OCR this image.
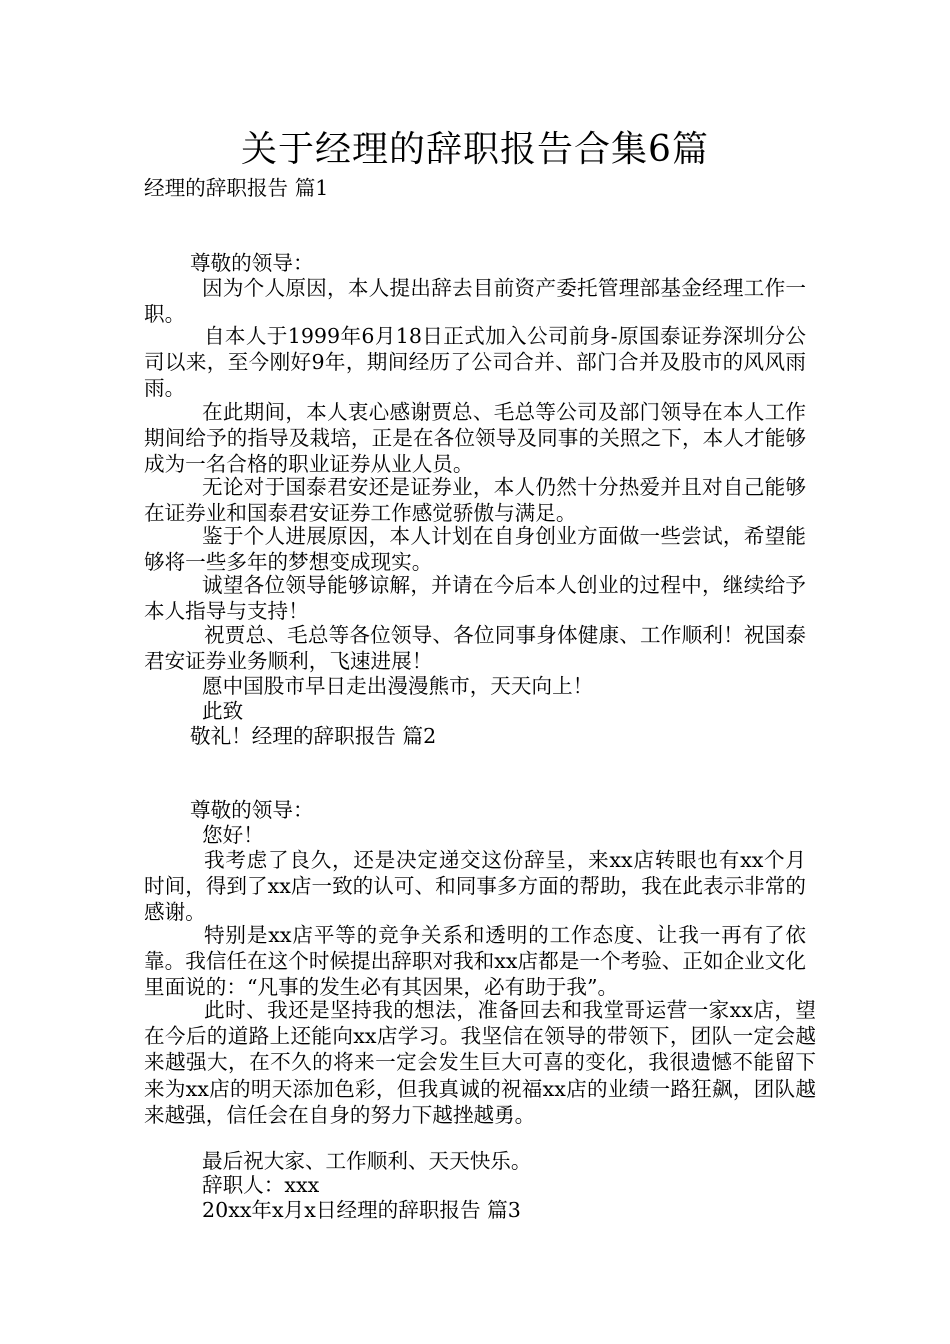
关于经理的辞职报告合集6篇
经理的辞职报告 篇1
尊敬的领导：
因为个人原因，本人提出辞去目前资产委托管理部基金经理工作一职。
自本人于1999年6月18日正式加入公司前身-原国泰证券深圳分公司以来，至今刚好9年，期间经历了公司合并、部门合并及股市的风风雨雨。
在此期间，本人衷心感谢贾总、毛总等公司及部门领导在本人工作期间给予的指导及栽培，正是在各位领导及同事的关照之下，本人才能够成为一名合格的职业证券从业人员。
无论对于国泰君安还是证券业，本人仍然十分热爱并且对自己能够在证券业和国泰君安证券工作感觉骄傲与满足。
鉴于个人进展原因，本人计划在自身创业方面做一些尝试，希望能够将一些多年的梦想变成现实。
诚望各位领导能够谅解，并请在今后本人创业的过程中，继续给予本人指导与支持！
祝贾总、毛总等各位领导、各位同事身体健康、工作顺利！祝国泰君安证券业务顺利，飞速进展！
愿中国股市早日走出漫漫熊市，天天向上！
此致
敬礼！经理的辞职报告 篇2
尊敬的领导：
您好！
我考虑了良久，还是决定递交这份辞呈，来xx店转眼也有xx个月时间，得到了xx店一致的认可、和同事多方面的帮助，我在此表示非常的感谢。
特别是xx店平等的竞争关系和透明的工作态度、让我一再有了依靠。我信任在这个时候提出辞职对我和xx店都是一个考验、正如企业文化里面说的：“凡事的发生必有其因果，必有助于我”。
此时、我还是坚持我的想法，准备回去和我堂哥运营一家xx店，望在今后的道路上还能向xx店学习。我坚信在领导的带领下，团队一定会越来越强大，在不久的将来一定会发生巨大可喜的变化，我很遗憾不能留下来为xx店的明天添加色彩，但我真诚的祝福xx店的业绩一路狂飙，团队越来越强，信任会在自身的努力下越挫越勇。
最后祝大家、工作顺利、天天快乐。
辞职人：xxx
20xx年x月x日经理的辞职报告 篇3
